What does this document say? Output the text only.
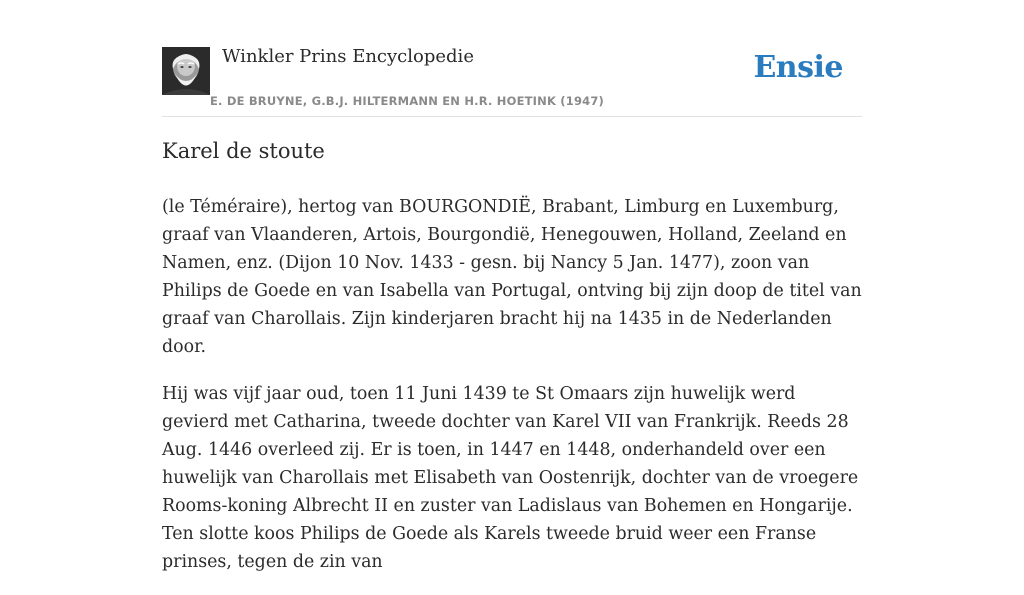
Winkler Prins Encyclopedie
E. DE BRUYNE, G.B.J. HILTERMANN EN H.R. HOETINK (1947)
Ensie
Karel de stoute

(le Téméraire), hertog van BOURGONDIË, Brabant, Limburg en Luxemburg, graaf van Vlaanderen, Artois, Bourgondië, Henegouwen, Holland, Zeeland en Namen, enz. (Dijon 10 Nov. 1433 - gesn. bij Nancy 5 Jan. 1477), zoon van Philips de Goede en van Isabella van Portugal, ontving bij zijn doop de titel van graaf van Charollais. Zijn kinderjaren bracht hij na 1435 in de Nederlanden door.

Hij was vijf jaar oud, toen 11 Juni 1439 te St Omaars zijn huwelijk werd gevierd met Catharina, tweede dochter van Karel VII van Frankrijk. Reeds 28 Aug. 1446 overleed zij. Er is toen, in 1447 en 1448, onderhandeld over een huwelijk van Charollais met Elisabeth van Oostenrijk, dochter van de vroegere Rooms-koning Albrecht II en zuster van Ladislaus van Bohemen en Hongarije. Ten slotte koos Philips de Goede als Karels tweede bruid weer een Franse prinses, tegen de zin van
